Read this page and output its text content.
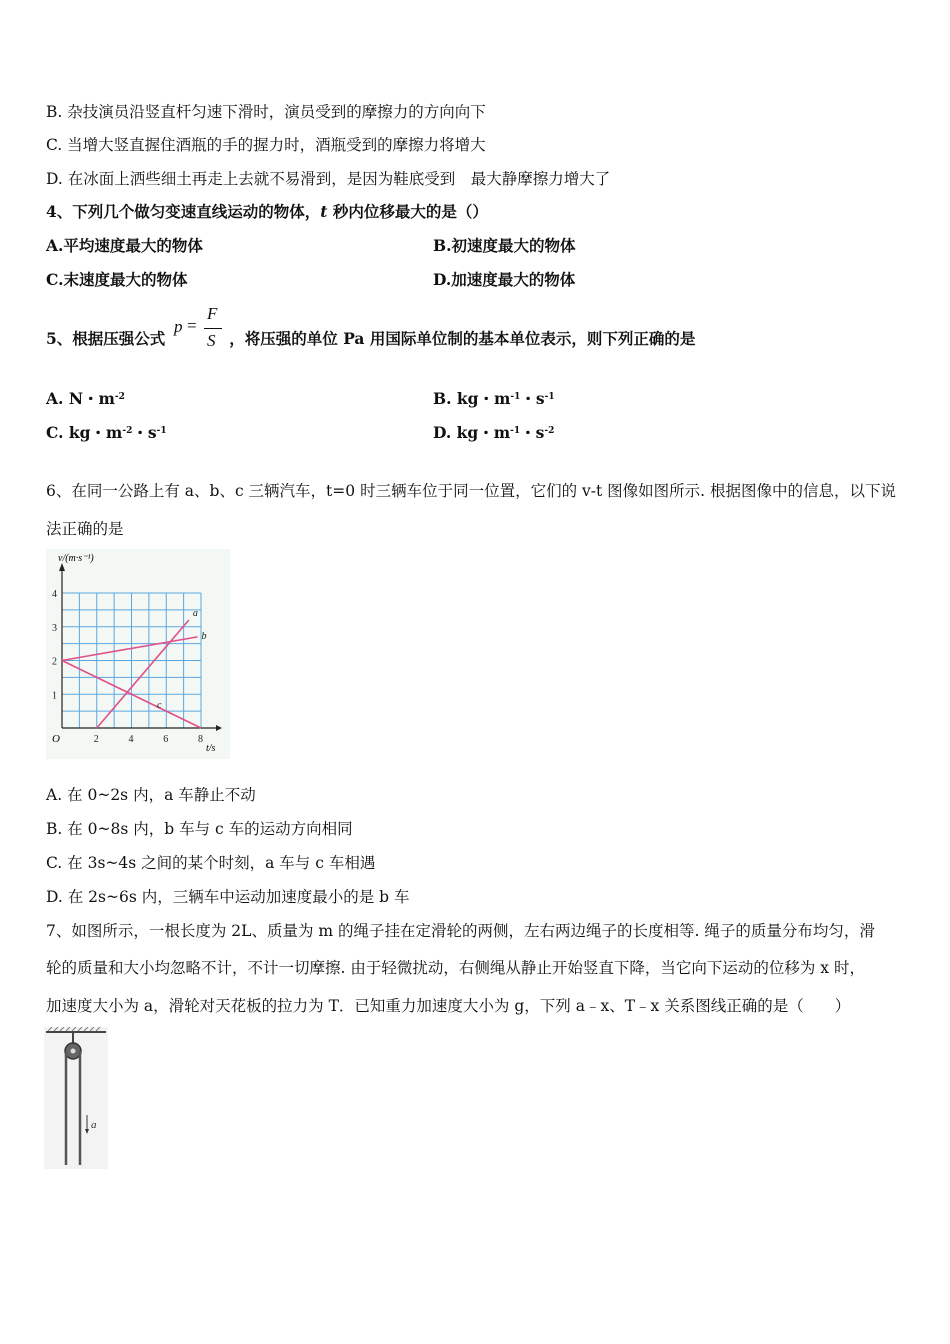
B. 杂技演员沿竖直杆匀速下滑时，演员受到的摩擦力的方向向下
C. 当增大竖直握住酒瓶的手的握力时，酒瓶受到的摩擦力将增大
D. 在冰面上洒些细土再走上去就不易滑到，是因为鞋底受到　最大静摩擦力增大了
4、下列几个做匀变速直线运动的物体，t 秒内位移最大的是（）
A.平均速度最大的物体	B.初速度最大的物体
C.末速度最大的物体	D.加速度最大的物体
5、根据压强公式	，将压强的单位 Pa 用国际单位制的基本单位表示，则下列正确的是
p =
F
S
A. N・$m^{-2}$	B. kg・$m^{-1}$・$s^{-1}$
C. kg・$m^{-2}$・$s^{-1}$	D. kg・$m^{-1}$・$s^{-2}$
6、在同一公路上有 a、b、c 三辆汽车，t=0 时三辆车位于同一位置，它们的 v-t 图像如图所示. 根据图像中的信息，以下说
法正确的是
a
b
c
2	4	6	8
1
2
3
4
v/(m·s⁻¹)
t/s
O
A. 在 0~2s 内，a 车静止不动
B. 在 0~8s 内，b 车与 c 车的运动方向相同
C. 在 3s~4s 之间的某个时刻，a 车与 c 车相遇
D. 在 2s~6s 内，三辆车中运动加速度最小的是 b 车
7、如图所示，一根长度为 2L、质量为 m 的绳子挂在定滑轮的两侧，左右两边绳子的长度相等. 绳子的质量分布均匀，滑
轮的质量和大小均忽略不计，不计一切摩擦. 由于轻微扰动，右侧绳从静止开始竖直下降，当它向下运动的位移为 x 时，
加速度大小为 a，滑轮对天花板的拉力为 T．已知重力加速度大小为 g，下列 a﹣x、T﹣x 关系图线正确的是（　　）
a
